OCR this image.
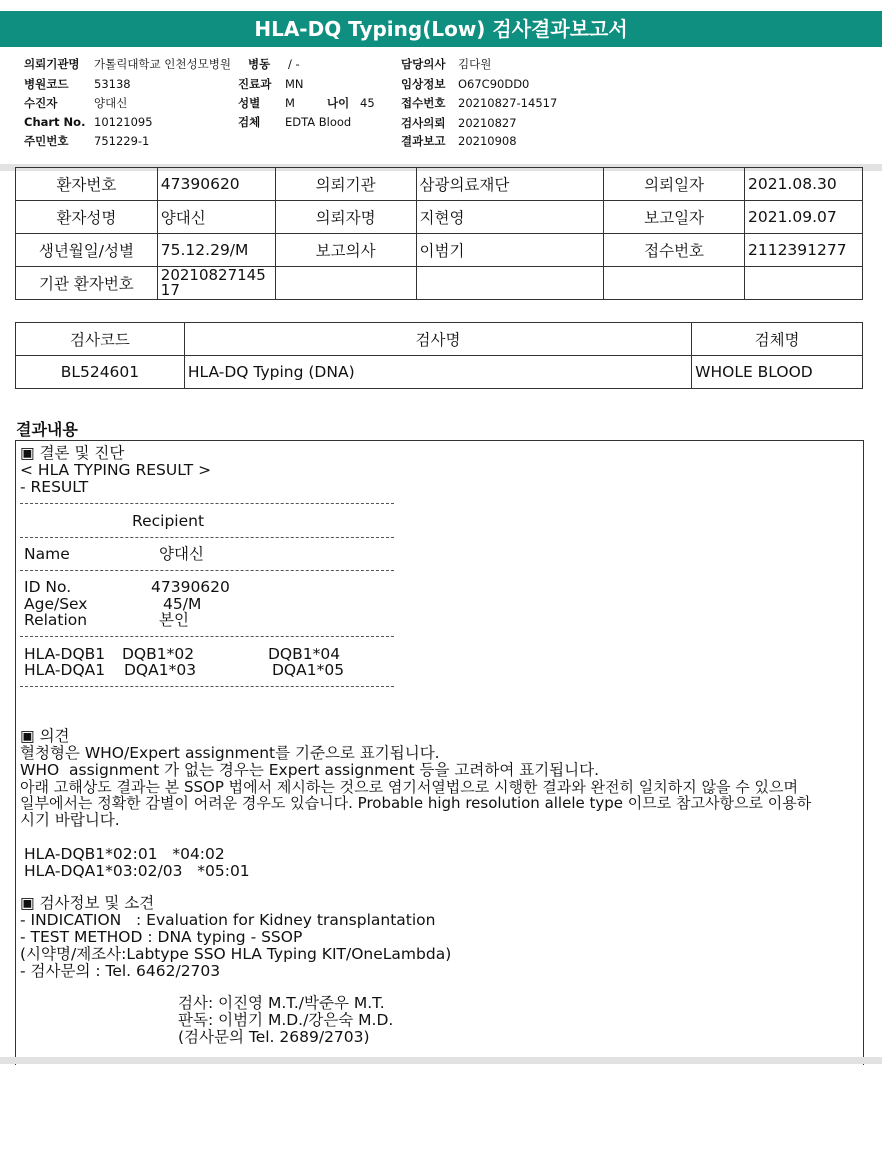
HLA-DQ Typing(Low) 검사결과보고서
의뢰기관명 가톨릭대학교 인천성모병원
병원코드 53138
수진자	양대신
Chart No. 10121095
주민번호 751229-1
병동 / -
진료과 MN
성별 M	나이 45
검체 EDTA Blood
담당의사 김다원
임상정보 O67C90DD0
접수번호 20210827-14517
검사의뢰 20210827
결과보고 20210908
환자번호	47390620	의뢰기관	삼광의료재단	의뢰일자	2021.08.30
환자성명	양대신	의뢰자명	지현영	보고일자	2021.09.07
생년월일/성별	75.12.29/M	보고의사	이범기	접수번호	2112391277
기관 환자번호	2021082714517				
검사코드	검사명	검체명
BL524601	HLA-DQ Typing (DNA)	WHOLE BLOOD
결과내용
▣ 결론 및 진단
< HLA TYPING RESULT >
- RESULT
Recipient
Name	양대신
ID No.	47390620
Age/Sex	45/M
Relation	본인
HLA-DQB1 DQB1*02	DQB1*04
HLA-DQA1 DQA1*03	DQA1*05
▣ 의견
혈청형은 WHO/Expert assignment를 기준으로 표기됩니다.
WHO  assignment 가 없는 경우는 Expert assignment 등을 고려하여 표기됩니다.
아래 고해상도 결과는 본 SSOP 법에서 제시하는 것으로 염기서열법으로 시행한 결과와 완전히 일치하지 않을 수 있으며
일부에서는 정확한 감별이 어려운 경우도 있습니다. Probable high resolution allele type 이므로 참고사항으로 이용하
시기 바랍니다.
HLA-DQB1*02:01   *04:02
HLA-DQA1*03:02/03   *05:01
▣ 검사정보 및 소견
- INDICATION   : Evaluation for Kidney transplantation
- TEST METHOD : DNA typing - SSOP
(시약명/제조사:Labtype SSO HLA Typing KIT/OneLambda)
- 검사문의 : Tel. 6462/2703
검사: 이진영 M.T./박준우 M.T.
판독: 이범기 M.D./강은숙 M.D.
(검사문의 Tel. 2689/2703)
